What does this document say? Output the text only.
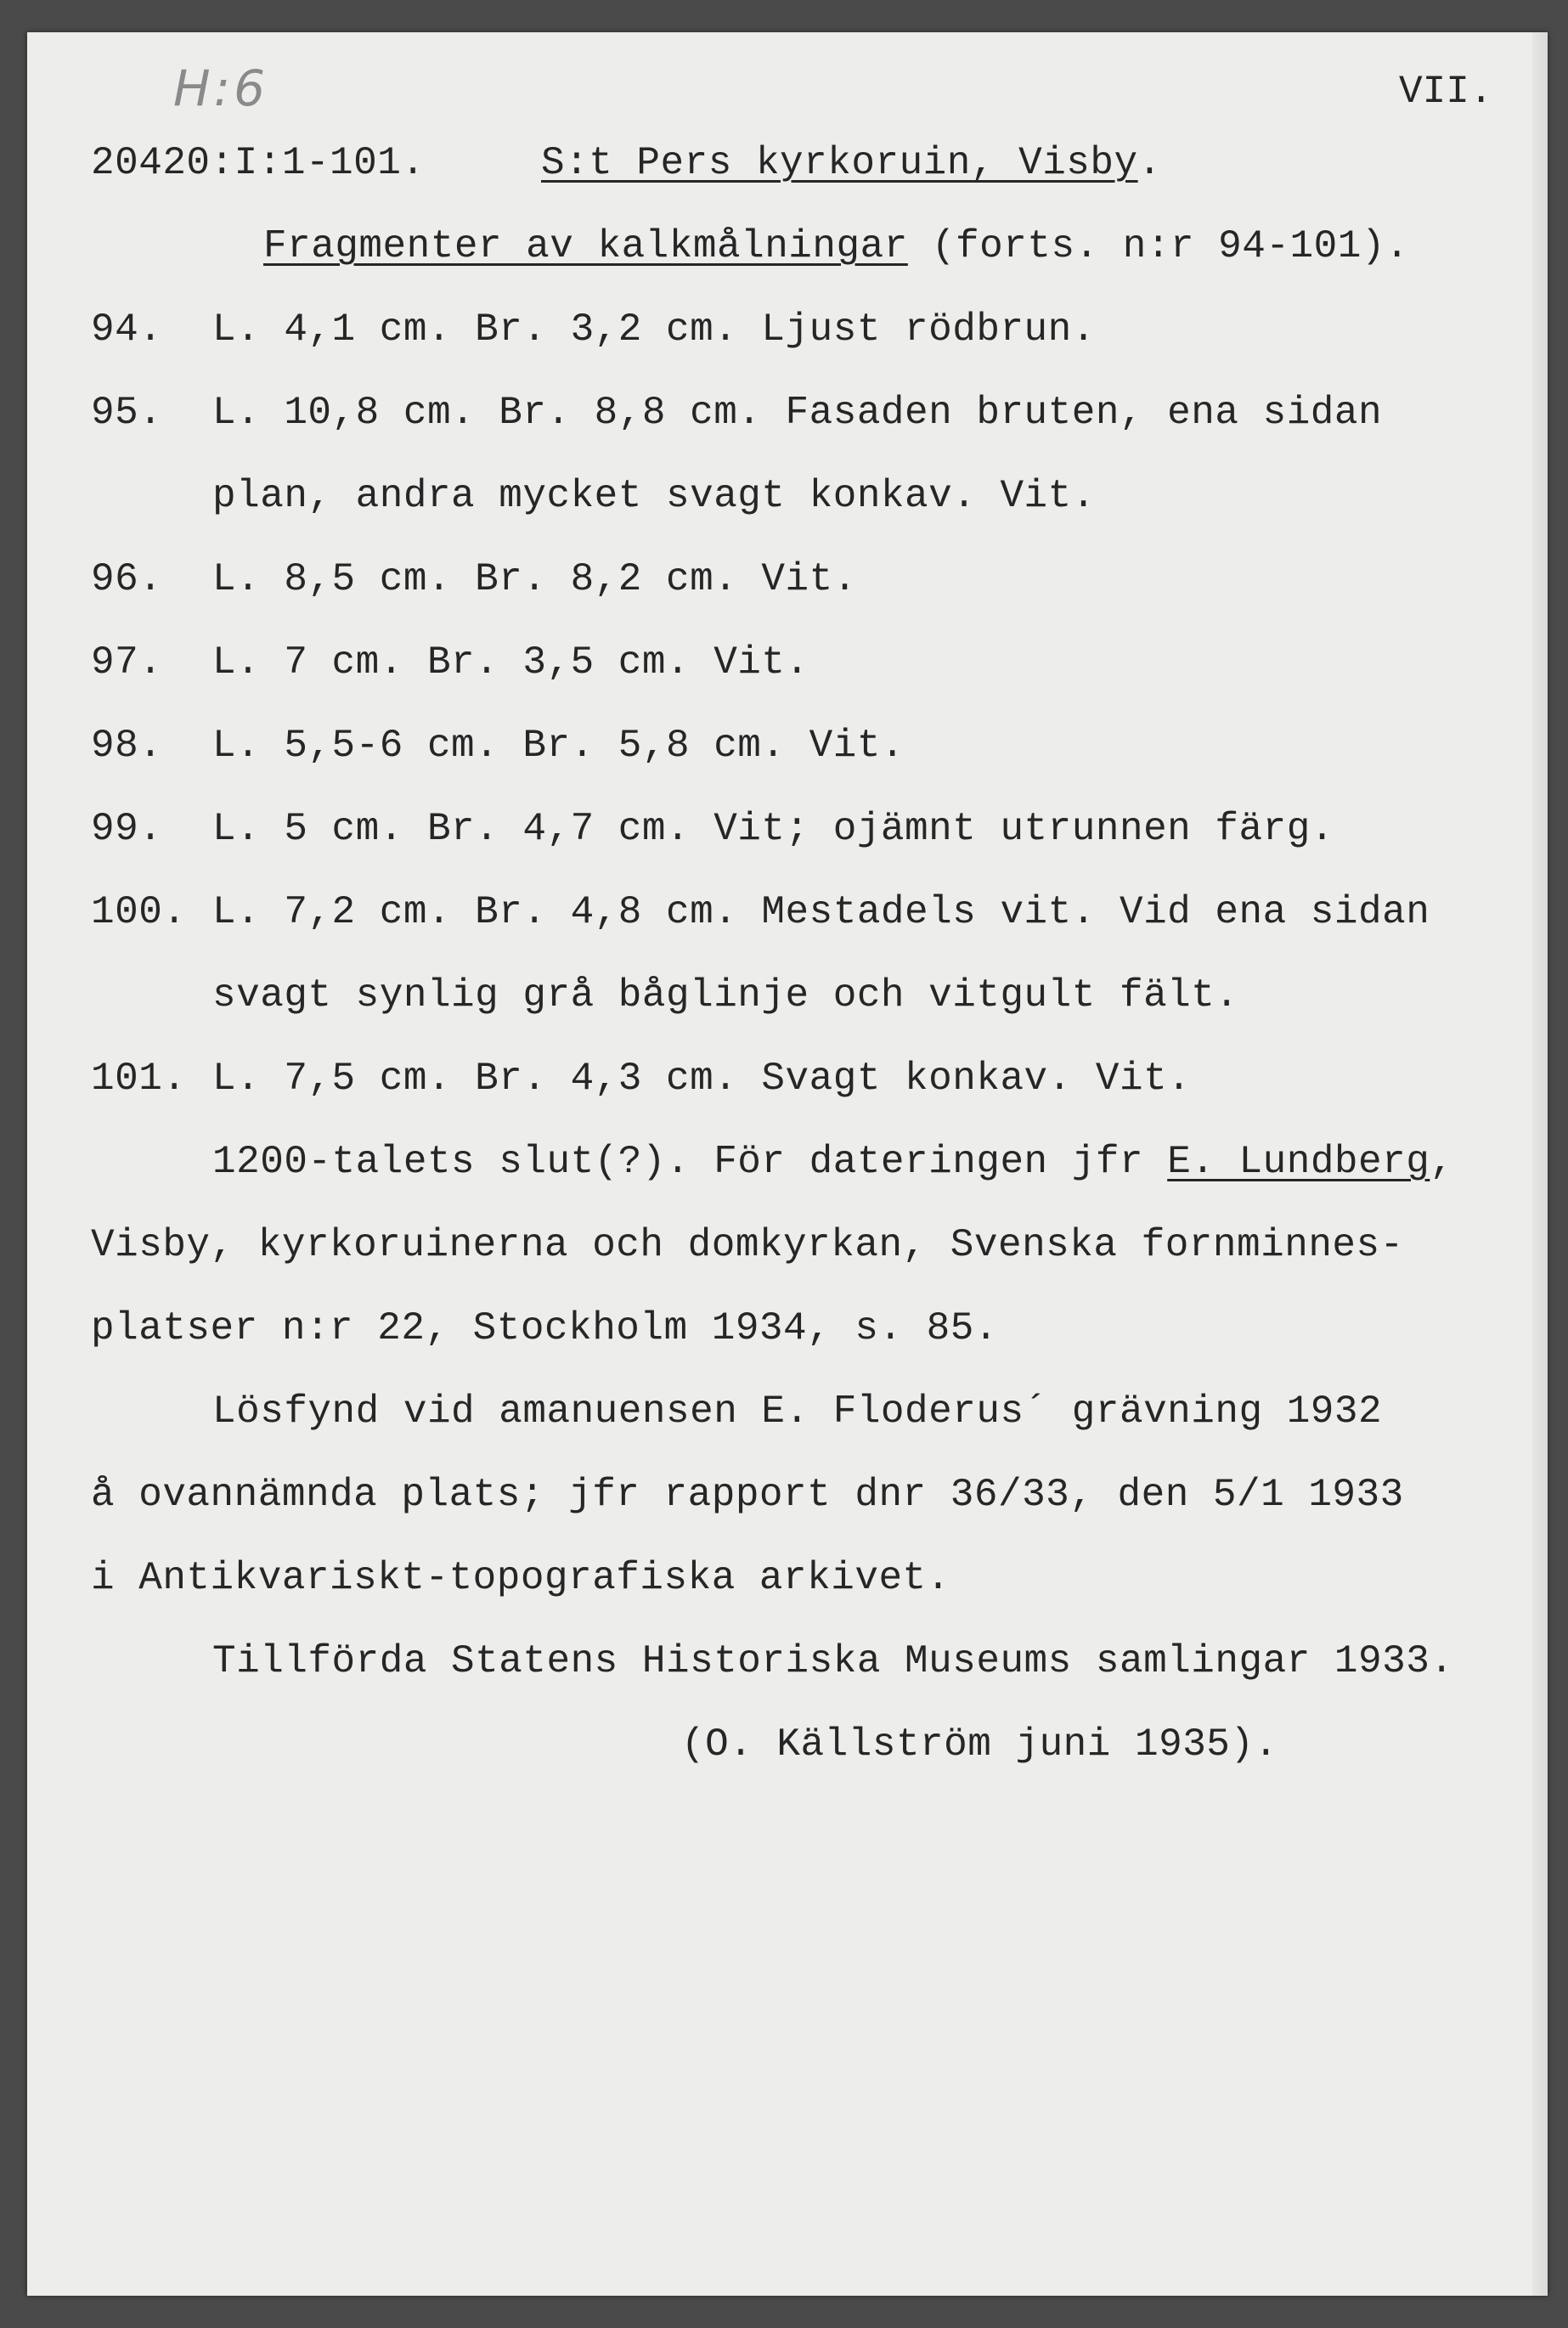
H:6	VII.
20420:I:1-101.	S:t Pers kyrkoruin, Visby.
Fragmenter av kalkmålningar (forts. n:r 94-101).
94. L. 4,1 cm. Br. 3,2 cm. Ljust rödbrun.
95. L. 10,8 cm. Br. 8,8 cm. Fasaden bruten, ena sidan
plan, andra mycket svagt konkav. Vit.
96. L. 8,5 cm. Br. 8,2 cm. Vit.
97. L. 7 cm. Br. 3,5 cm. Vit.
98. L. 5,5-6 cm. Br. 5,8 cm. Vit.
99. L. 5 cm. Br. 4,7 cm. Vit; ojämnt utrunnen färg.
100. L. 7,2 cm. Br. 4,8 cm. Mestadels vit. Vid ena sidan
svagt synlig grå båglinje och vitgult fält.
101. L. 7,5 cm. Br. 4,3 cm. Svagt konkav. Vit.
1200-talets slut(?). För dateringen jfr E. Lundberg,
Visby, kyrkoruinerna och domkyrkan, Svenska fornminnes-
platser n:r 22, Stockholm 1934, s. 85.
Lösfynd vid amanuensen E. Floderus´ grävning 1932
å ovannämnda plats; jfr rapport dnr 36/33, den 5/1 1933
i Antikvariskt-topografiska arkivet.
Tillförda Statens Historiska Museums samlingar 1933.
(O. Källström juni 1935).
